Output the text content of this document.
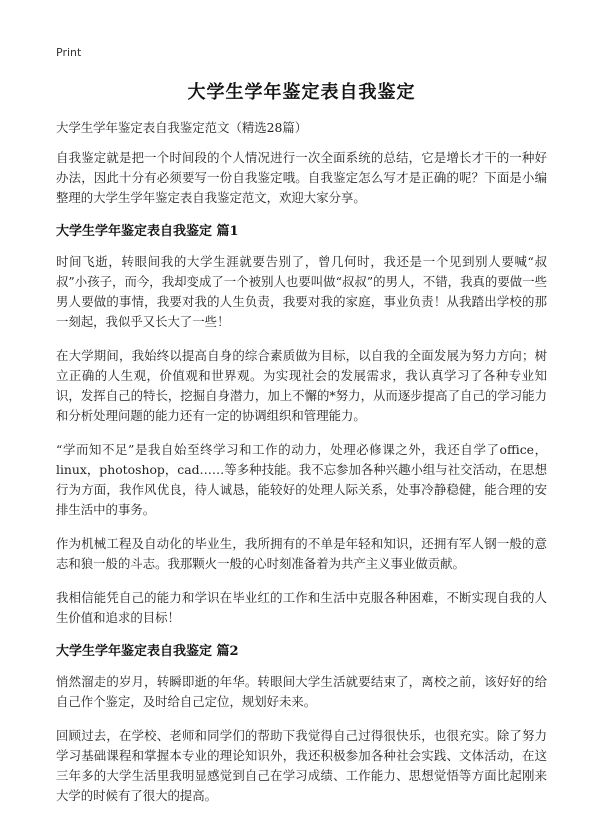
Print
大学生学年鉴定表自我鉴定
大学生学年鉴定表自我鉴定范文（精选28篇）

自我鉴定就是把一个时间段的个人情况进行一次全面系统的总结，它是增长才干的一种好办法，因此十分有必须要写一份自我鉴定哦。自我鉴定怎么写才是正确的呢？下面是小编整理的大学生学年鉴定表自我鉴定范文，欢迎大家分享。

大学生学年鉴定表自我鉴定 篇1

时间飞逝，转眼间我的大学生涯就要告别了，曾几何时，我还是一个见到别人要喊“叔叔”小孩子，而今，我却变成了一个被别人也要叫做“叔叔”的男人，不错，我真的要做一些男人要做的事情，我要对我的人生负责，我要对我的家庭，事业负责！从我踏出学校的那一刻起，我似乎又长大了一些！

在大学期间，我始终以提高自身的综合素质做为目标，以自我的全面发展为努力方向；树立正确的人生观，价值观和世界观。为实现社会的发展需求，我认真学习了各种专业知识，发挥自己的特长，挖掘自身潜力，加上不懈的*努力，从而逐步提高了自己的学习能力和分析处理问题的能力还有一定的协调组织和管理能力。

“学而知不足”是我自始至终学习和工作的动力，处理必修课之外，我还自学了office，linux，photoshop，cad……等多种技能。我不忘参加各种兴趣小组与社交活动，在思想行为方面，我作风优良，待人诚恳，能较好的处理人际关系，处事冷静稳健，能合理的安排生活中的事务。

作为机械工程及自动化的毕业生，我所拥有的不单是年轻和知识，还拥有军人钢一般的意志和狼一般的斗志。我那颗火一般的心时刻准备着为共产主义事业做贡献。

我相信能凭自己的能力和学识在毕业红的工作和生活中克服各种困难，不断实现自我的人生价值和追求的目标！

大学生学年鉴定表自我鉴定 篇2

悄然溜走的岁月，转瞬即逝的年华。转眼间大学生活就要结束了，离校之前，该好好的给自己作个鉴定，及时给自己定位，规划好未来。

回顾过去，在学校、老师和同学们的帮助下我觉得自己过得很快乐，也很充实。除了努力学习基础课程和掌握本专业的理论知识外，我还积极参加各种社会实践、文体活动，在这三年多的大学生活里我明显感觉到自己在学习成绩、工作能力、思想觉悟等方面比起刚来大学的时候有了很大的提高。
